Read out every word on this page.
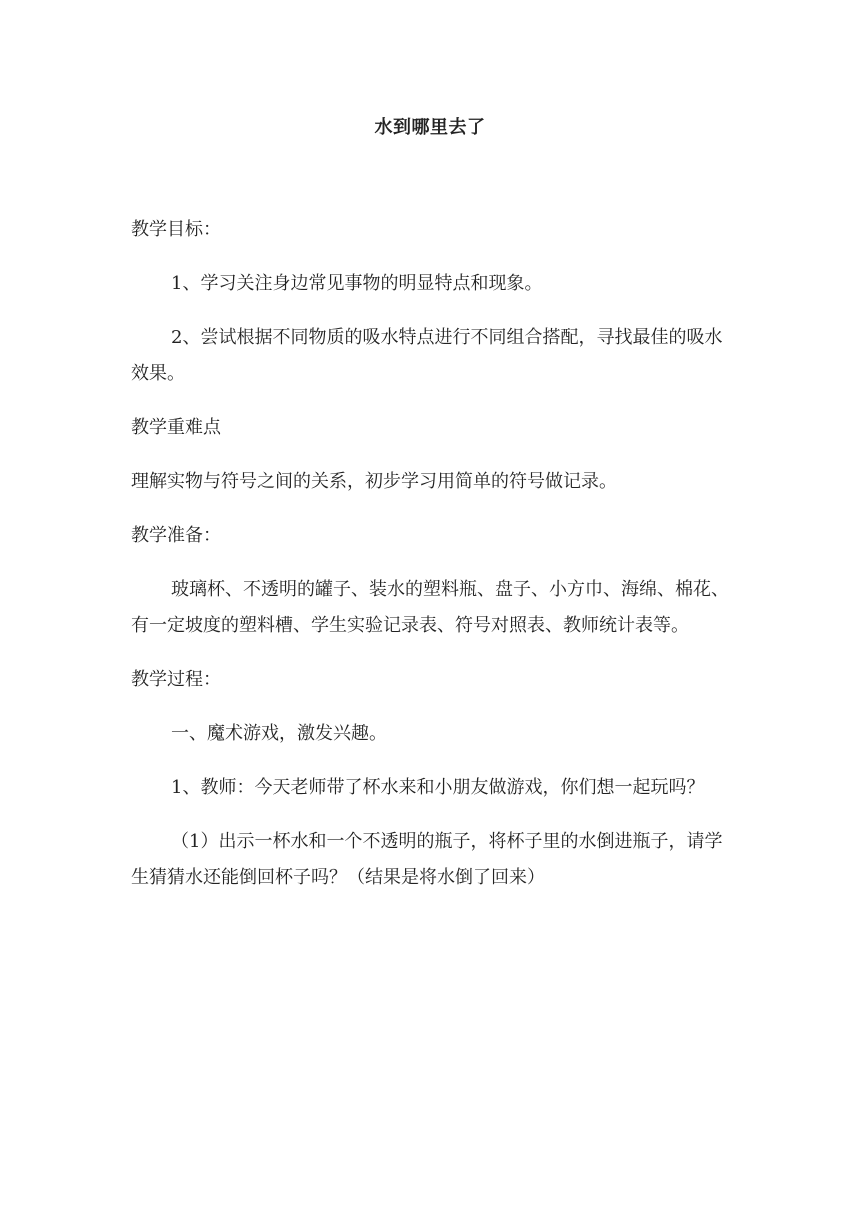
水到哪里去了

教学目标：

1、学习关注身边常见事物的明显特点和现象。

2、尝试根据不同物质的吸水特点进行不同组合搭配，寻找最佳的吸水效果。

教学重难点

理解实物与符号之间的关系，初步学习用简单的符号做记录。

教学准备：

玻璃杯、不透明的罐子、装水的塑料瓶、盘子、小方巾、海绵、棉花、有一定坡度的塑料槽、学生实验记录表、符号对照表、教师统计表等。

教学过程：

一、魔术游戏，激发兴趣。

1、教师：今天老师带了杯水来和小朋友做游戏，你们想一起玩吗？

（1）出示一杯水和一个不透明的瓶子，将杯子里的水倒进瓶子，请学生猜猜水还能倒回杯子吗？（结果是将水倒了回来）
